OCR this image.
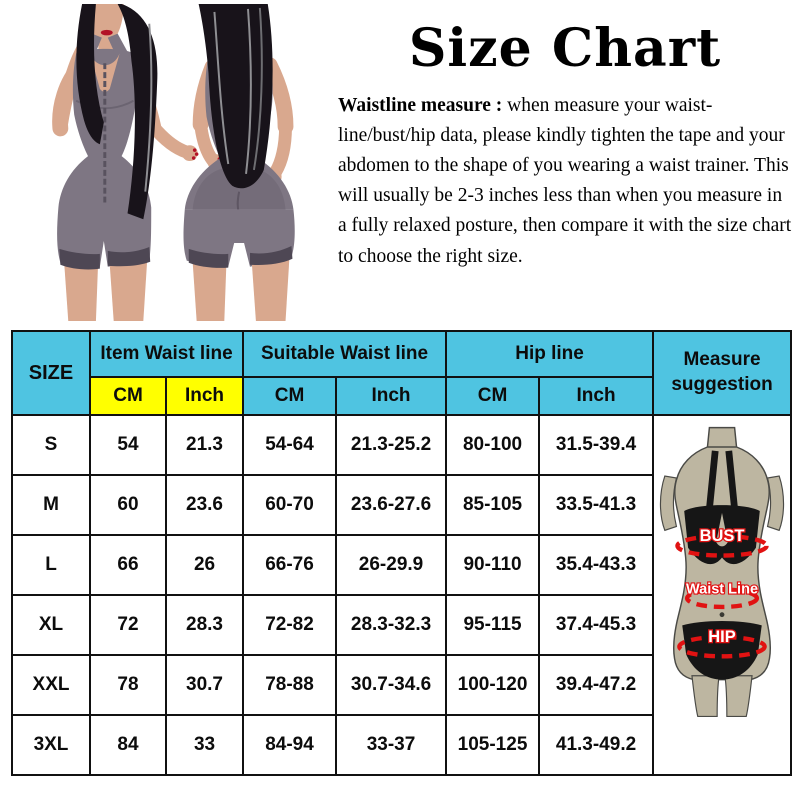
Size Chart

Waistline measure : when measure your waist-line/bust/hip data, please kindly tighten the tape and your abdomen to the shape of you wearing a waist trainer. This will usually be 2-3 inches less than when you measure in a fully relaxed posture, then compare it with the size chart to choose the right size.

SIZE	Item Waist line		Suitable Waist line		Hip line		Measure suggestion
	CM	Inch	CM	Inch	CM	Inch	
S	54	21.3	54-64	21.3-25.2	80-100	31.5-39.4	BUST
Waist Line
HIP

M	60	23.6	60-70	23.6-27.6	85-105	33.5-41.3	
L	66	26	66-76	26-29.9	90-110	35.4-43.3	
XL	72	28.3	72-82	28.3-32.3	95-115	37.4-45.3	
XXL	78	30.7	78-88	30.7-34.6	100-120	39.4-47.2	
3XL	84	33	84-94	33-37	105-125	41.3-49.2	
